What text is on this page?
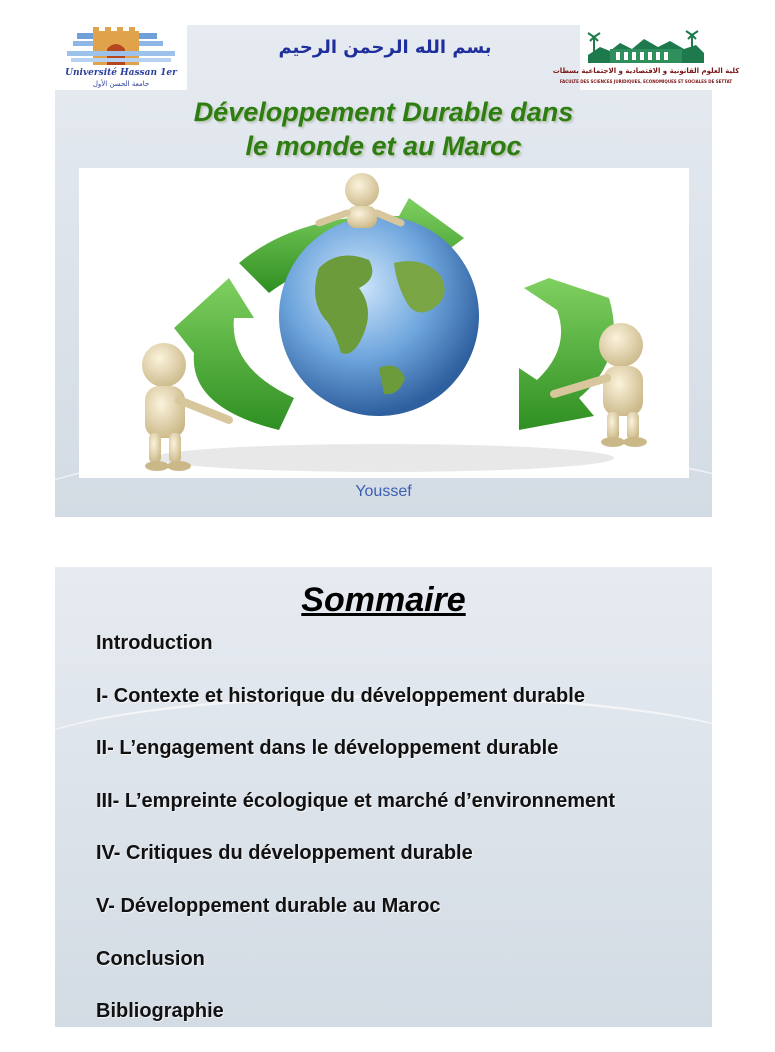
Université Hassan 1er
جامعة الحسن الأول
بسم الله الرحمن الرحيم
كلية العلوم القانونية و الاقتصادية و الاجتماعية بسطات
FACULTE DES SCIENCES JURIDIQUES, ECONOMIQUES ET SOCIALES DE SETTAT
Développement Durable dans
le monde et au Maroc
Youssef
Sommaire
Introduction
I- Contexte et historique du développement durable
II- L’engagement dans le développement durable
III- L’empreinte écologique et marché d’environnement
IV- Critiques du développement durable
V- Développement durable au Maroc
Conclusion
Bibliographie
